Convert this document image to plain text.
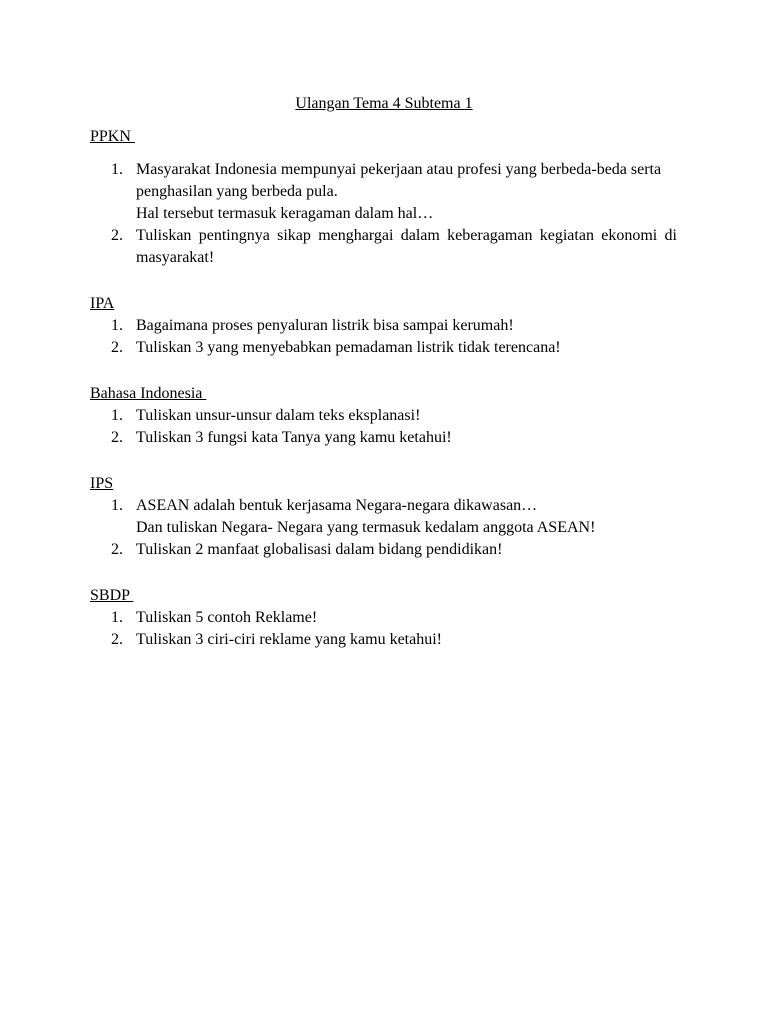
Ulangan Tema 4 Subtema 1
PPKN
1. Masyarakat Indonesia mempunyai pekerjaan atau profesi yang berbeda-beda serta penghasilan yang berbeda pula.
Hal tersebut termasuk keragaman dalam hal…
2. Tuliskan pentingnya sikap menghargai dalam keberagaman kegiatan ekonomi di masyarakat!
IPA
1. Bagaimana proses penyaluran listrik bisa sampai kerumah!
2. Tuliskan 3 yang menyebabkan pemadaman listrik tidak terencana!
Bahasa Indonesia
1. Tuliskan unsur-unsur dalam teks eksplanasi!
2. Tuliskan 3 fungsi kata Tanya yang kamu ketahui!
IPS
1. ASEAN adalah bentuk kerjasama Negara-negara dikawasan…
Dan tuliskan Negara- Negara yang termasuk kedalam anggota ASEAN!
2. Tuliskan 2 manfaat globalisasi dalam bidang pendidikan!
SBDP
1. Tuliskan 5 contoh Reklame!
2. Tuliskan 3 ciri-ciri reklame yang kamu ketahui!
